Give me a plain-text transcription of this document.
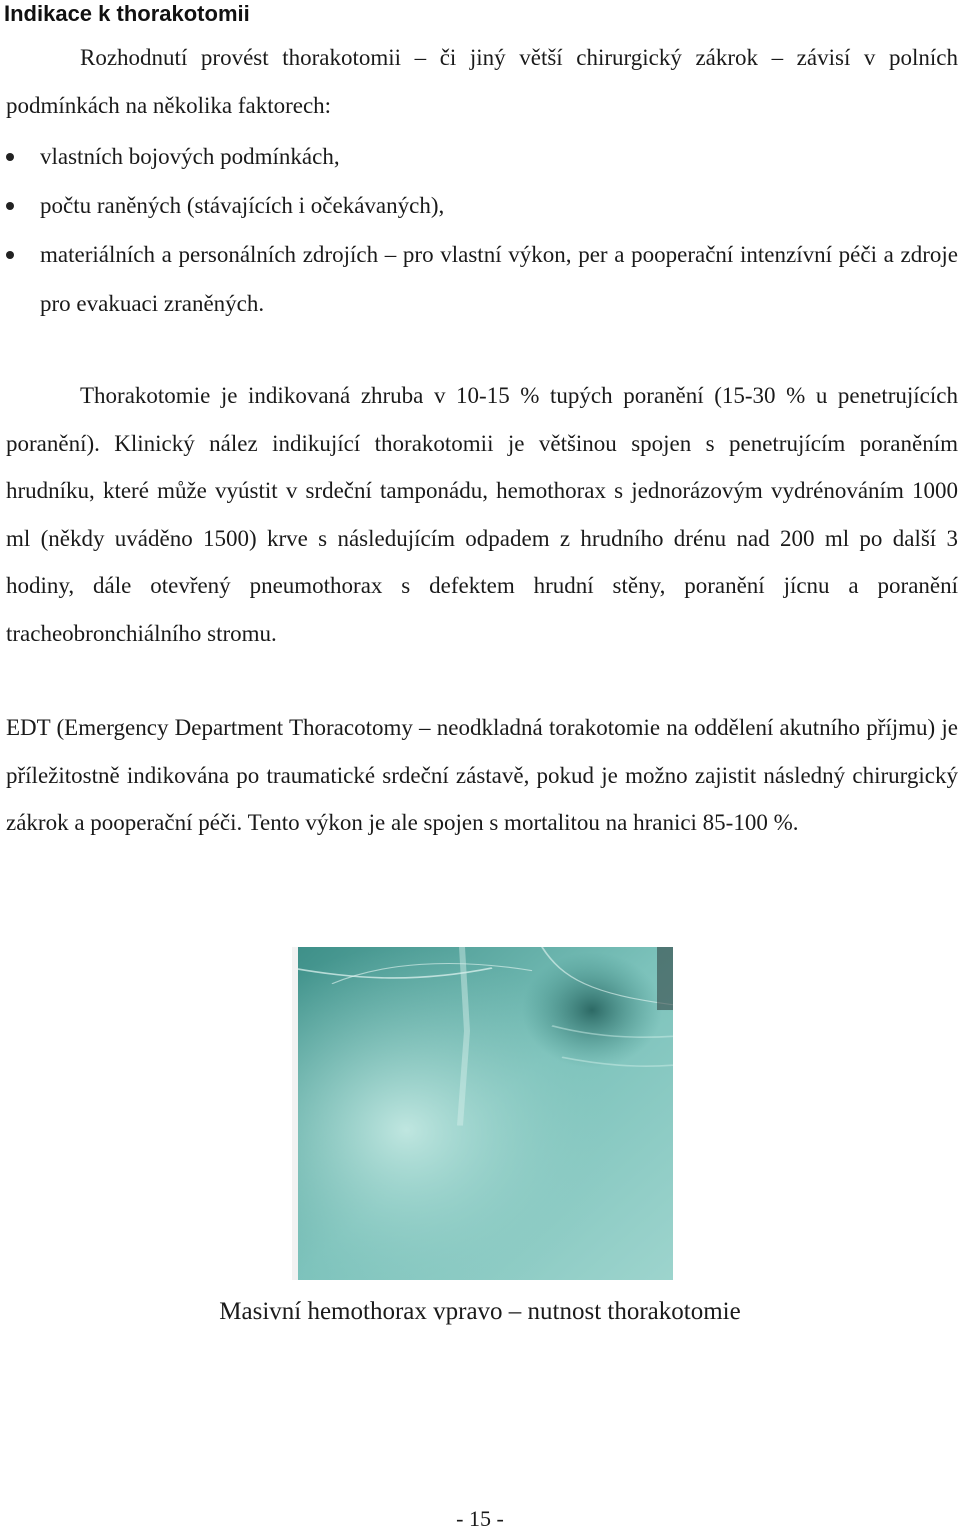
Indikace k thorakotomii

Rozhodnutí provést thorakotomii – či jiný větší chirurgický zákrok – závisí v polních podmínkách na několika faktorech:

vlastních bojových podmínkách,
počtu raněných (stávajících i očekávaných),
materiálních a personálních zdrojích – pro vlastní výkon, per a pooperační intenzívní péči a zdroje pro evakuaci zraněných.

Thorakotomie je indikovaná zhruba v 10-15 % tupých poranění (15-30 % u penetrujících poranění). Klinický nález indikující thorakotomii je většinou spojen s penetrujícím poraněním hrudníku, které může vyústit v srdeční tamponádu, hemothorax s jednorázovým vydrénováním 1000 ml (někdy uváděno 1500) krve s následujícím odpadem z hrudního drénu nad 200 ml po další 3 hodiny, dále otevřený pneumothorax s defektem hrudní stěny, poranění jícnu a poranění tracheobronchiálního stromu.

EDT (Emergency Department Thoracotomy – neodkladná torakotomie na oddělení akutního příjmu) je příležitostně indikována po traumatické srdeční zástavě, pokud je možno zajistit následný chirurgický zákrok a pooperační péči. Tento výkon je ale spojen s mortalitou na hranici 85-100 %.

Masivní hemothorax vpravo – nutnost thorakotomie
- 15 -
